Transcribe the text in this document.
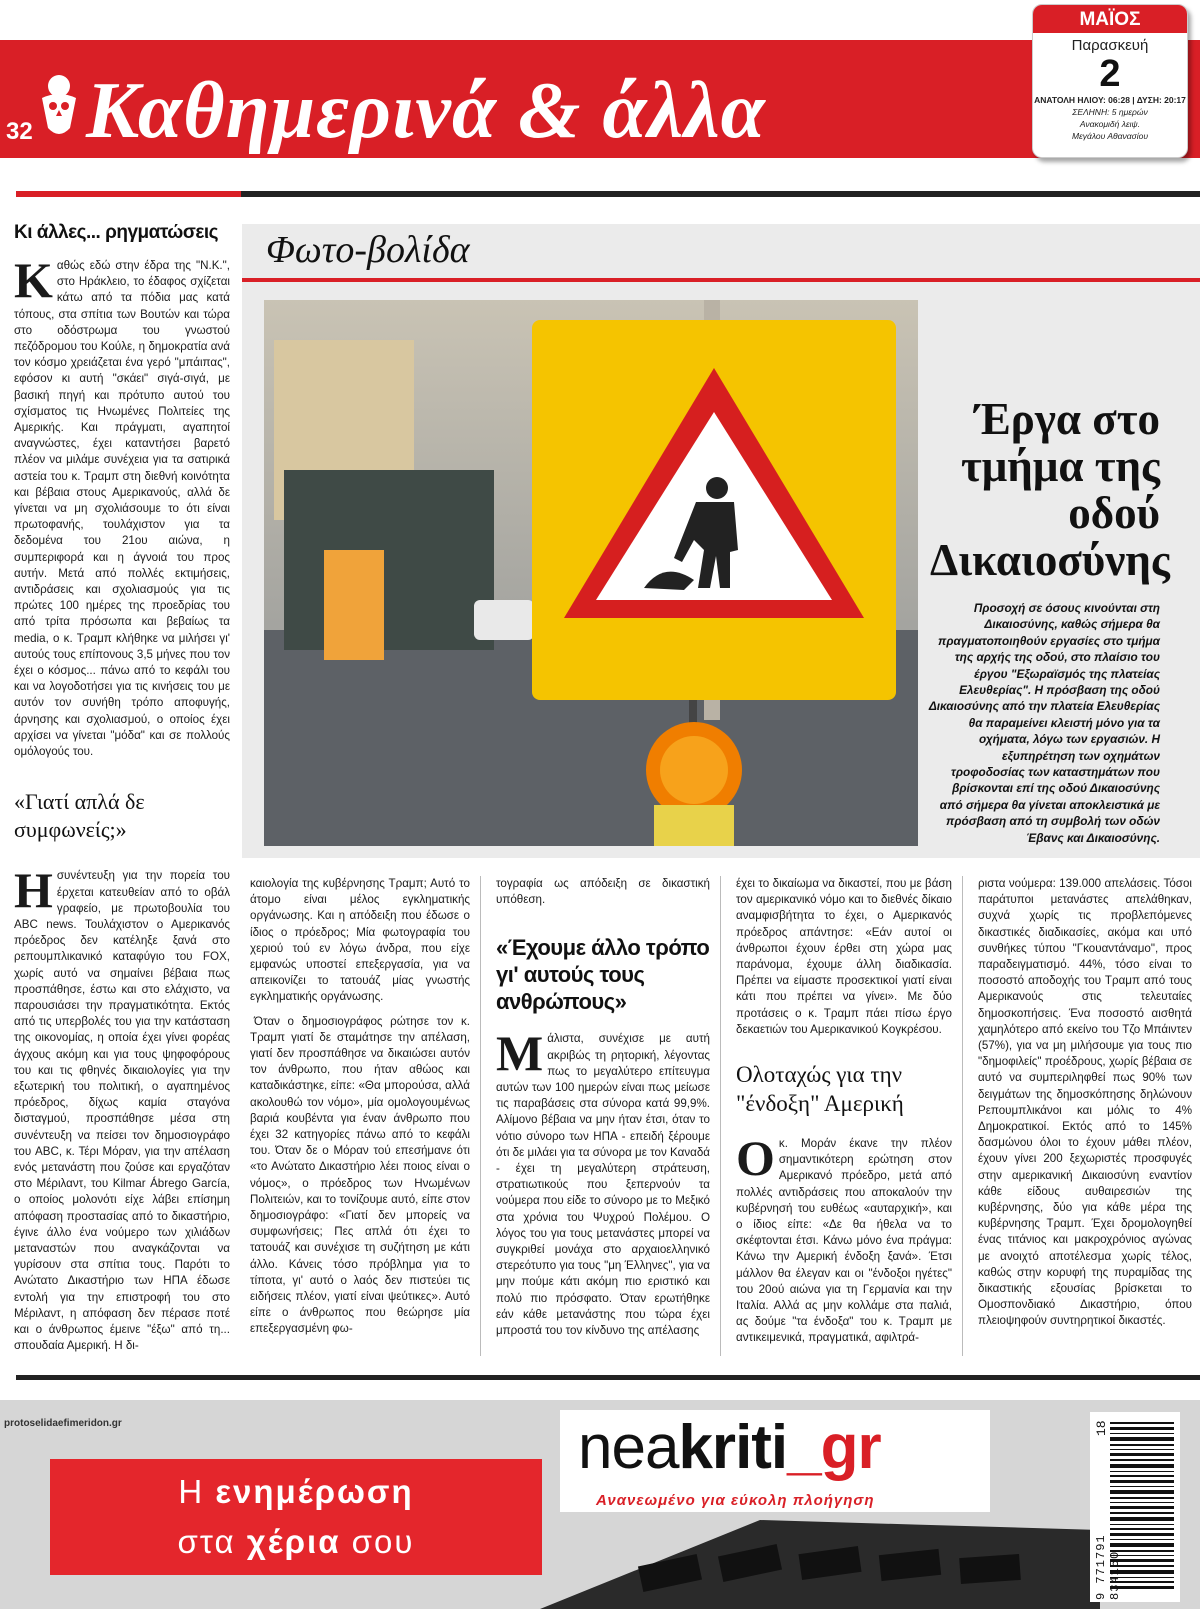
32 Καθημερινά & άλλα
ΜΑΪΟΣ
Παρασκευή
2
ΑΝΑΤΟΛΗ ΗΛΙΟΥ: 06:28 | ΔΥΣΗ: 20:17
ΣΕΛΗΝΗ: 5 ημερών
Ανακομιδή λειψ.
Μεγάλου Αθανασίου
Κι άλλες... ρηγματώσεις

Καθώς εδώ στην έδρα της "Ν.Κ.", στο Ηράκλειο, το έδαφος σχίζεται κάτω από τα πόδια μας κατά τόπους, στα σπίτια των Βουτών και τώρα στο οδόστρωμα του γνωστού πεζόδρομου του Κούλε, η δημοκρατία ανά τον κόσμο χρειάζεται ένα γερό "μπάιπας", εφόσον κι αυτή "σκάει" σιγά-σιγά, με βασική πηγή και πρότυπο αυτού του σχίσματος τις Ηνωμένες Πολιτείες της Αμερικής. Και πράγματι, αγαπητοί αναγνώστες, έχει καταντήσει βαρετό πλέον να μιλάμε συνέχεια για τα σατιρικά αστεία του κ. Τραμπ στη διεθνή κοινότητα και βέβαια στους Αμερικανούς, αλλά δε γίνεται να μη σχολιάσουμε το ότι είναι πρωτοφανής, τουλάχιστον για τα δεδομένα του 21ου αιώνα, η συμπεριφορά και η άγνοιά του προς αυτήν. Μετά από πολλές εκτιμήσεις, αντιδράσεις και σχολιασμούς για τις πρώτες 100 ημέρες της προεδρίας του από τρίτα πρόσωπα και βεβαίως τα media, ο κ. Τραμπ κλήθηκε να μιλήσει γι' αυτούς τους επίπονους 3,5 μήνες που τον έχει ο κόσμος... πάνω από το κεφάλι του και να λογοδοτήσει για τις κινήσεις του με αυτόν τον συνήθη τρόπο αποφυγής, άρνησης και σχολιασμού, ο οποίος έχει αρχίσει να γίνεται "μόδα" και σε πολλούς ομόλογούς του.

«Γιατί απλά δε συμφωνείς;»

Ησυνέντευξη για την πορεία του έρχεται κατευθείαν από το οβάλ γραφείο, με πρωτοβουλία του ABC news. Τουλάχιστον ο Αμερικανός πρόεδρος δεν κατέληξε ξανά στο ρεπουμπλικανικό καταφύγιο του FOX, χωρίς αυτό να σημαίνει βέβαια πως προσπάθησε, έστω και στο ελάχιστο, να παρουσιάσει την πραγματικότητα. Εκτός από τις υπερβολές του για την κατάσταση της οικονομίας, η οποία έχει γίνει φορέας άγχους ακόμη και για τους ψηφοφόρους του και τις φθηνές δικαιολογίες για την εξωτερική του πολιτική, ο αγαπημένος πρόεδρος, δίχως καμία σταγόνα δισταγμού, προσπάθησε μέσα στη συνέντευξη να πείσει τον δημοσιογράφο του ABC, κ. Τέρι Μόραν, για την απέλαση ενός μετανάστη που ζούσε και εργαζόταν στο Μέριλαντ, του Kilmar Ábrego García, ο οποίος μολονότι είχε λάβει επίσημη απόφαση προστασίας από το δικαστήριο, έγινε άλλο ένα νούμερο των χιλιάδων μεταναστών που αναγκάζονται να γυρίσουν στα σπίτια τους. Παρότι το Ανώτατο Δικαστήριο των ΗΠΑ έδωσε εντολή για την επιστροφή του στο Μέριλαντ, η απόφαση δεν πέρασε ποτέ και ο άνθρωπος έμεινε "έξω" από τη... σπουδαία Αμερική. Η δι-

Φωτο-βολίδα
Έργα στο τμήμα της οδού Δικαιοσύνης
Προσοχή σε όσους κινούνται στη Δικαιοσύνης, καθώς σήμερα θα πραγματοποιηθούν εργασίες στο τμήμα της αρχής της οδού, στο πλαίσιο του έργου "Εξωραϊσμός της πλατείας Ελευθερίας". Η πρόσβαση της οδού Δικαιοσύνης από την πλατεία Ελευθερίας θα παραμείνει κλειστή μόνο για τα οχήματα, λόγω των εργασιών. Η εξυπηρέτηση των οχημάτων τροφοδοσίας των καταστημάτων που βρίσκονται επί της οδού Δικαιοσύνης από σήμερα θα γίνεται αποκλειστικά με πρόσβαση από τη συμβολή των οδών Έβανς και Δικαιοσύνης.

καιολογία της κυβέρνησης Τραμπ; Αυτό το άτομο είναι μέλος εγκληματικής οργάνωσης. Και η απόδειξη που έδωσε ο ίδιος ο πρόεδρος; Μία φωτογραφία του χεριού τού εν λόγω άνδρα, που είχε εμφανώς υποστεί επεξεργασία, για να απεικονίζει το τατουάζ μίας γνωστής εγκληματικής οργάνωσης.

Όταν ο δημοσιογράφος ρώτησε τον κ. Τραμπ γιατί δε σταμάτησε την απέλαση, γιατί δεν προσπάθησε να δικαιώσει αυτόν τον άνθρωπο, που ήταν αθώος και καταδικάστηκε, είπε: «Θα μπορούσα, αλλά ακολουθώ τον νόμο», μία ομολογουμένως βαριά κουβέντα για έναν άνθρωπο που έχει 32 κατηγορίες πάνω από το κεφάλι του. Όταν δε ο Μόραν τού επεσήμανε ότι «το Ανώτατο Δικαστήριο λέει ποιος είναι ο νόμος», ο πρόεδρος των Ηνωμένων Πολιτειών, και το τονίζουμε αυτό, είπε στον δημοσιογράφο: «Γιατί δεν μπορείς να συμφωνήσεις; Πες απλά ότι έχει το τατουάζ και συνέχισε τη συζήτηση με κάτι άλλο. Κάνεις τόσο πρόβλημα για το τίποτα, γι' αυτό ο λαός δεν πιστεύει τις ειδήσεις πλέον, γιατί είναι ψεύτικες». Αυτό είπε ο άνθρωπος που θεώρησε μία επεξεργασμένη φω-

τογραφία ως απόδειξη σε δικαστική υπόθεση.

«Έχουμε άλλο τρόπο γι' αυτούς τους ανθρώπους»

Μάλιστα, συνέχισε με αυτή ακριβώς τη ρητορική, λέγοντας πως το μεγαλύτερο επίτευγμα αυτών των 100 ημερών είναι πως μείωσε τις παραβάσεις στα σύνορα κατά 99,9%. Αλίμονο βέβαια να μην ήταν έτσι, όταν το νότιο σύνορο των ΗΠΑ - επειδή ξέρουμε ότι δε μιλάει για τα σύνορα με τον Καναδά - έχει τη μεγαλύτερη στράτευση, στρατιωτικούς που ξεπερνούν τα νούμερα που είδε το σύνορο με το Μεξικό στα χρόνια του Ψυχρού Πολέμου. Ο λόγος του για τους μετανάστες μπορεί να συγκριθεί μονάχα στο αρχαιοελληνικό στερεότυπο για τους "μη Έλληνες", για να μην πούμε κάτι ακόμη πιο εριστικό και πολύ πιο πρόσφατο. Όταν ερωτήθηκε εάν κάθε μετανάστης που τώρα έχει μπροστά του τον κίνδυνο της απέλασης

έχει το δικαίωμα να δικαστεί, που με βάση τον αμερικανικό νόμο και το διεθνές δίκαιο αναμφισβήτητα το έχει, ο Αμερικανός πρόεδρος απάντησε: «Εάν αυτοί οι άνθρωποι έχουν έρθει στη χώρα μας παράνομα, έχουμε άλλη διαδικασία. Πρέπει να είμαστε προσεκτικοί γιατί είναι κάτι που πρέπει να γίνει». Με δύο προτάσεις ο κ. Τραμπ πάει πίσω έργο δεκαετιών του Αμερικανικού Κογκρέσου.

Ολοταχώς για την "ένδοξη" Αμερική

Οκ. Μοράν έκανε την πλέον σημαντικότερη ερώτηση στον Αμερικανό πρόεδρο, μετά από πολλές αντιδράσεις που αποκαλούν την κυβέρνησή του ευθέως «αυταρχική», και ο ίδιος είπε: «Δε θα ήθελα να το σκέφτονται έτσι. Κάνω μόνο ένα πράγμα: Κάνω την Αμερική ένδοξη ξανά». Έτσι μάλλον θα έλεγαν και οι "ένδοξοι ηγέτες" του 20ού αιώνα για τη Γερμανία και την Ιταλία. Αλλά ας μην κολλάμε στα παλιά, ας δούμε "τα ένδοξα" του κ. Τραμπ με αντικειμενικά, πραγματικά, αφιλτρά-

ριστα νούμερα: 139.000 απελάσεις. Τόσοι παράτυποι μετανάστες απελάθηκαν, συχνά χωρίς τις προβλεπόμενες δικαστικές διαδικασίες, ακόμα και υπό συνθήκες τύπου "Γκουαντάναμο", προς παραδειγματισμό. 44%, τόσο είναι το ποσοστό αποδοχής του Τραμπ από τους Αμερικανούς στις τελευταίες δημοσκοπήσεις. Ένα ποσοστό αισθητά χαμηλότερο από εκείνο του Τζο Μπάιντεν (57%), για να μη μιλήσουμε για τους πιο "δημοφιλείς" προέδρους, χωρίς βέβαια σε αυτό να συμπεριληφθεί πως 90% των δειγμάτων της δημοσκόπησης δηλώνουν Ρεπουμπλικάνοι και μόλις το 4% Δημοκρατικοί. Εκτός από το 145% δασμώνου όλοι το έχουν μάθει πλέον, έχουν γίνει 200 ξεχωριστές προσφυγές στην αμερικανική Δικαιοσύνη εναντίον κάθε είδους αυθαιρεσιών της κυβέρνησης, δύο για κάθε μέρα της κυβέρνησης Τραμπ. Έχει δρομολογηθεί ένας τιτάνιος και μακροχρόνιος αγώνας με ανοιχτό αποτέλεσμα χωρίς τέλος, καθώς στην κορυφή της πυραμίδας της δικαστικής εξουσίας βρίσκεται το Ομοσπονδιακό Δικαστήριο, όπου πλειοψηφούν συντηρητικοί δικαστές.

protoselidaefimeridon.gr
Η ενημέρωση
στα χέρια σου
neakriti_gr
Ανανεωμένο για εύκολη πλοήγηση
9 771791 834150
18
